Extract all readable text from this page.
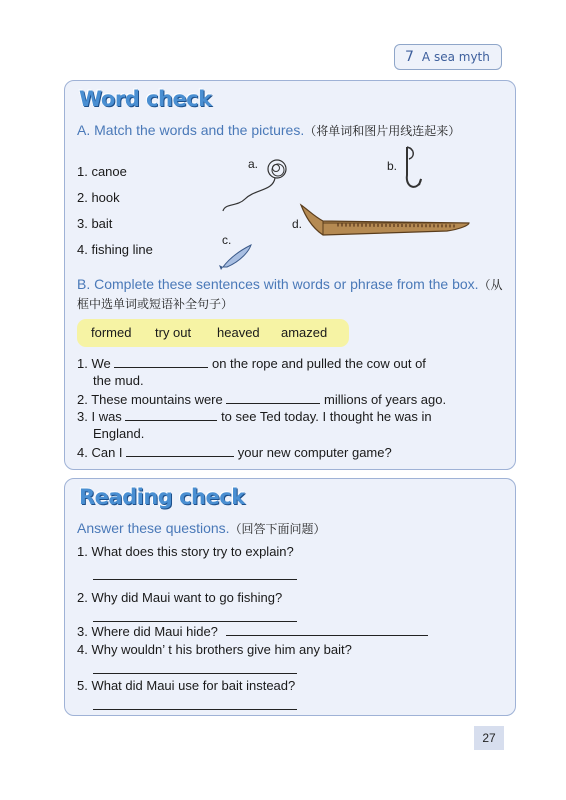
7 A sea myth
Word check
A. Match the words and the pictures.（将单词和图片用线连起来）
1. canoe
2. hook
3. bait
4. fishing line
a.	b.
d.
c.
B. Complete these sentences with words or phrase from the box.（从框中选单词或短语补全句子）
formed try out heaved amazed
1. We	on the rope and pulled the cow out of
the mud.
2. These mountains were	millions of years ago.
3. I was	to see Ted today. I thought he was in
England.
4. Can I	your new computer game?
Reading check
Answer these questions.（回答下面问题）
1. What does this story try to explain?
2. Why did Maui want to go fishing?
3. Where did Maui hide?
4. Why wouldn’ t his brothers give him any bait?
5. What did Maui use for bait instead?
27
